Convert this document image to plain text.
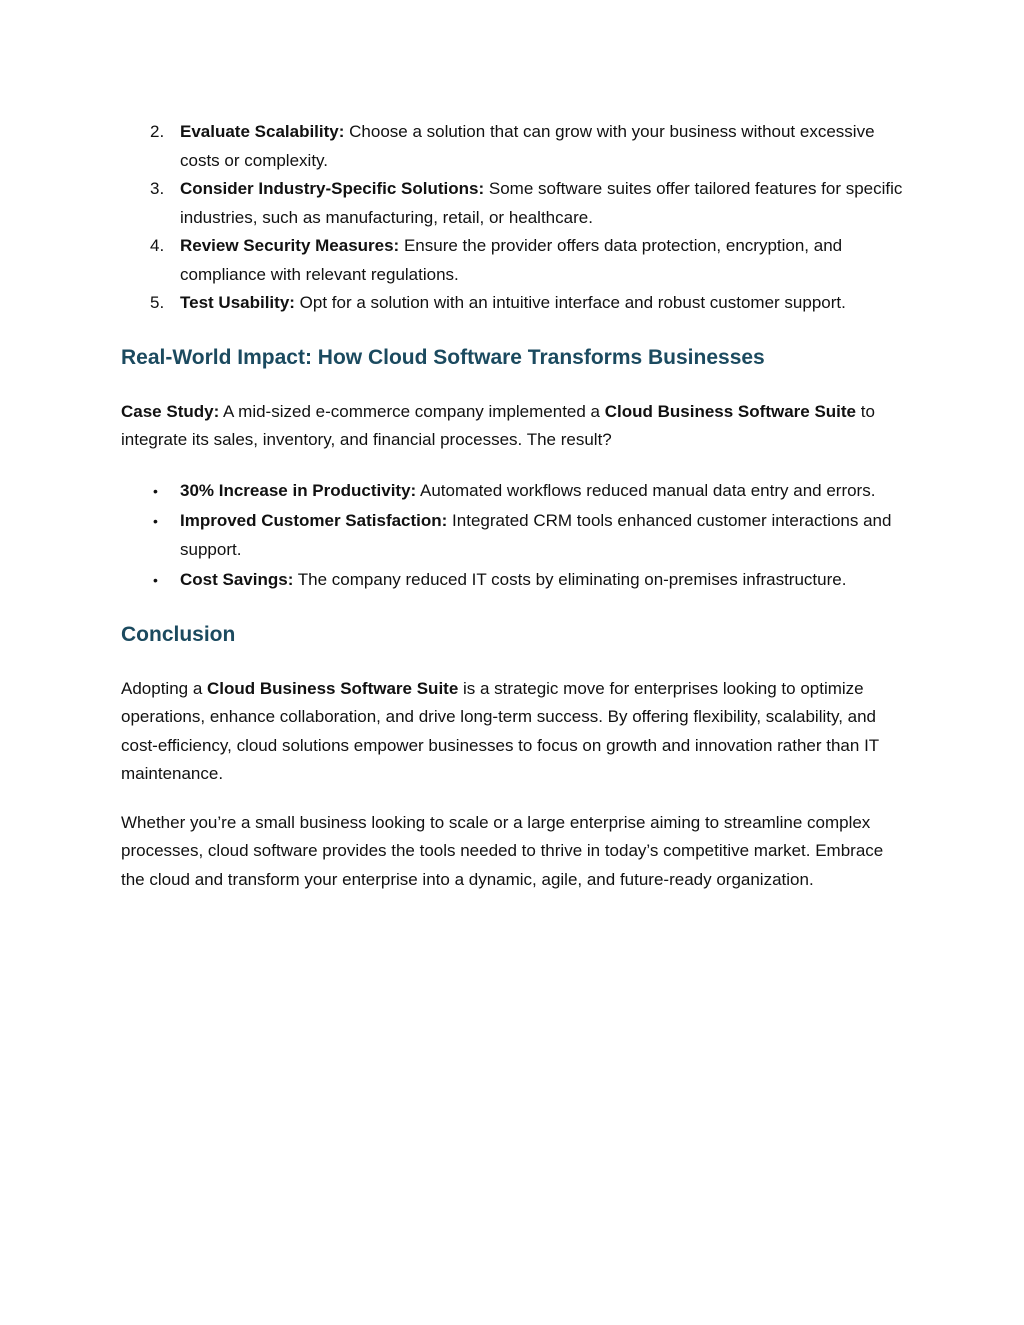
2. Evaluate Scalability: Choose a solution that can grow with your business without excessive costs or complexity.
3. Consider Industry-Specific Solutions: Some software suites offer tailored features for specific industries, such as manufacturing, retail, or healthcare.
4. Review Security Measures: Ensure the provider offers data protection, encryption, and compliance with relevant regulations.
5. Test Usability: Opt for a solution with an intuitive interface and robust customer support.
Real-World Impact: How Cloud Software Transforms Businesses

Case Study: A mid-sized e-commerce company implemented a Cloud Business Software Suite to integrate its sales, inventory, and financial processes. The result?

• 30% Increase in Productivity: Automated workflows reduced manual data entry and errors.
• Improved Customer Satisfaction: Integrated CRM tools enhanced customer interactions and support.
• Cost Savings: The company reduced IT costs by eliminating on-premises infrastructure.
Conclusion

Adopting a Cloud Business Software Suite is a strategic move for enterprises looking to optimize operations, enhance collaboration, and drive long-term success. By offering flexibility, scalability, and cost-efficiency, cloud solutions empower businesses to focus on growth and innovation rather than IT maintenance.

Whether you’re a small business looking to scale or a large enterprise aiming to streamline complex processes, cloud software provides the tools needed to thrive in today’s competitive market. Embrace the cloud and transform your enterprise into a dynamic, agile, and future-ready organization.
